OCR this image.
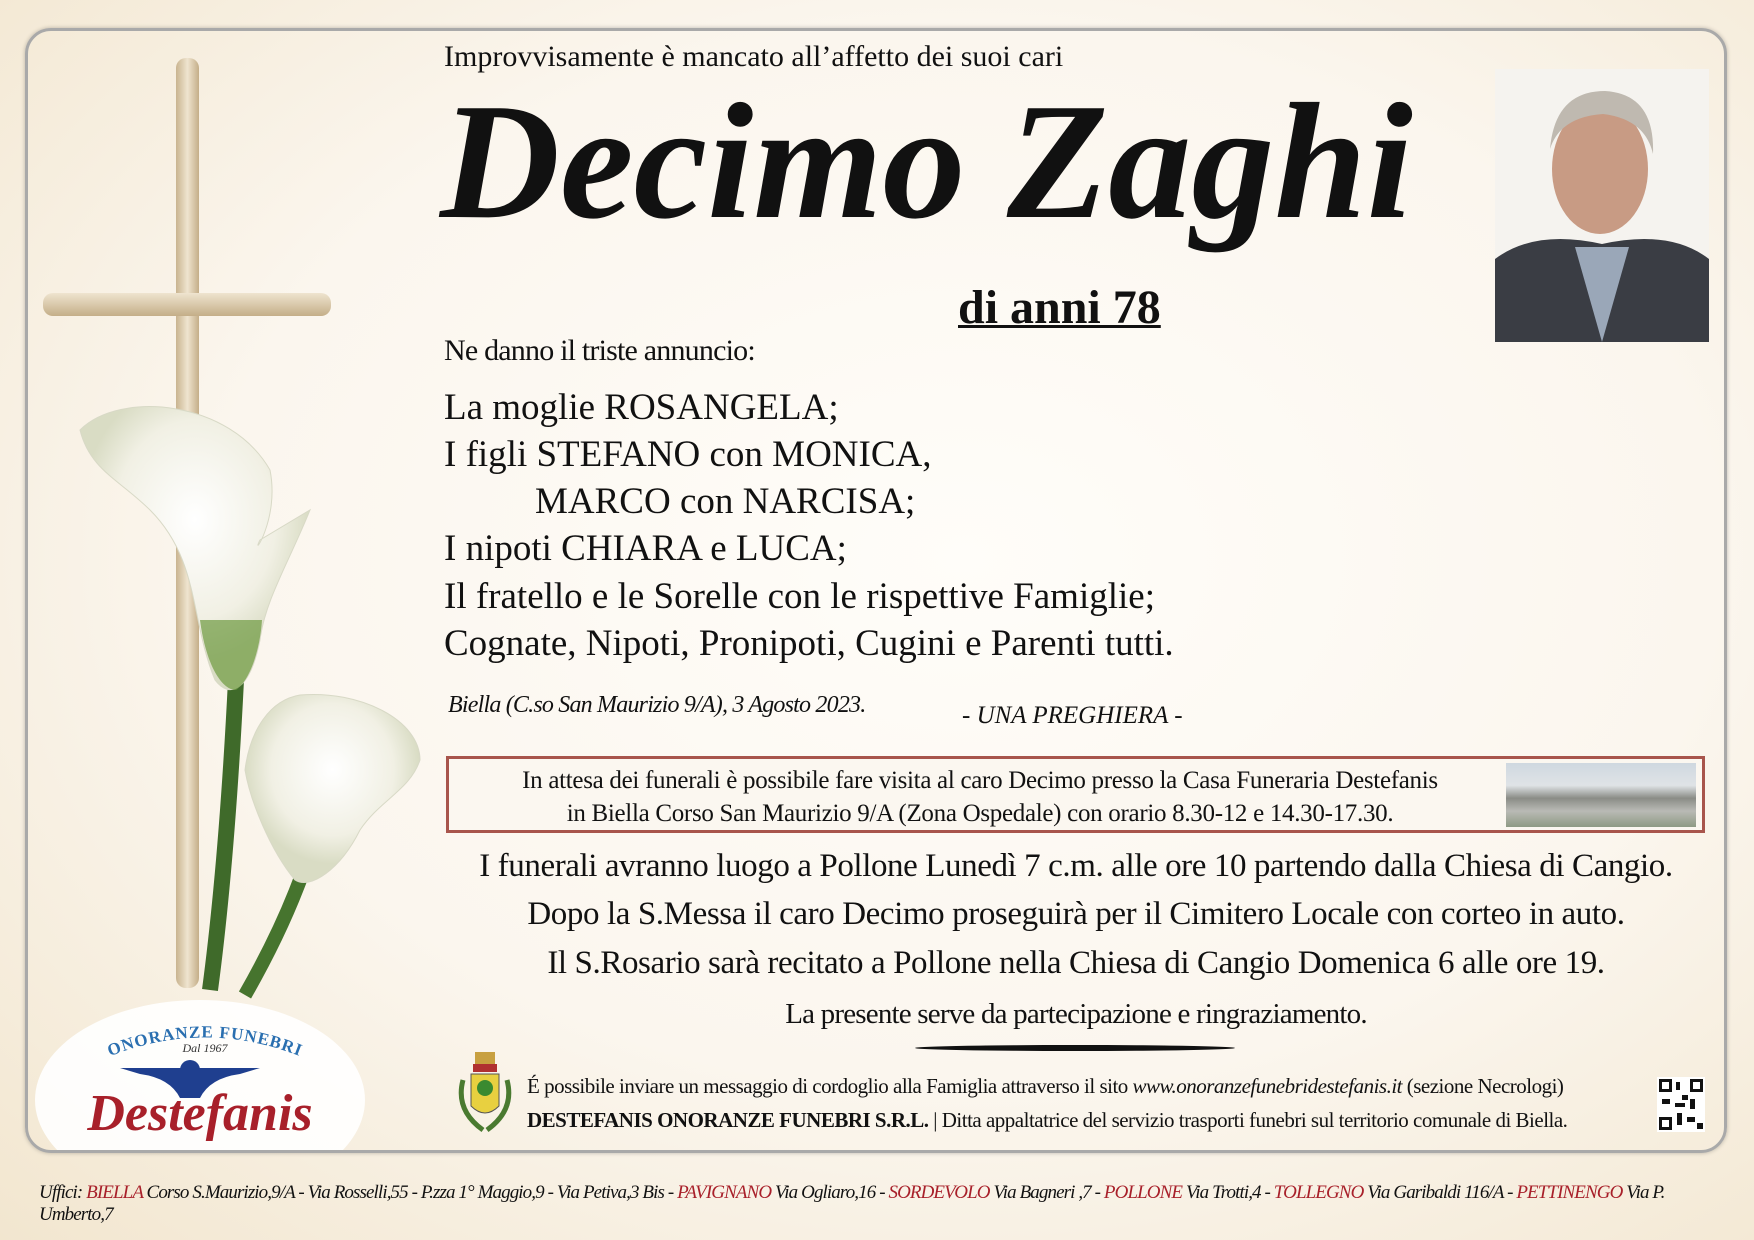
ONORANZE FUNEBRI
Dal 1967
Destefanis
Improvvisamente è mancato all’affetto dei suoi cari
Decimo Zaghi
di anni 78
Ne danno il triste annuncio:
La moglie ROSANGELA;
I figli STEFANO con MONICA,
MARCO con NARCISA;
I nipoti CHIARA e LUCA;
Il fratello e le Sorelle con le rispettive Famiglie;
Cognate, Nipoti, Pronipoti, Cugini e Parenti tutti.
Biella (C.so San Maurizio 9/A), 3 Agosto 2023.	- UNA PREGHIERA -
In attesa dei funerali è possibile fare visita al caro Decimo presso la Casa Funeraria Destefanis
in Biella Corso San Maurizio 9/A (Zona Ospedale) con orario 8.30-12 e 14.30-17.30.
I funerali avranno luogo a Pollone Lunedì 7 c.m. alle ore 10 partendo dalla Chiesa di Cangio.
Dopo la S.Messa il caro Decimo proseguirà per il Cimitero Locale con corteo in auto.
Il S.Rosario sarà recitato a Pollone nella Chiesa di Cangio Domenica 6 alle ore 19.
La presente serve da partecipazione e ringraziamento.
É possibile inviare un messaggio di cordoglio alla Famiglia attraverso il sito www.onoranzefunebridestefanis.it (sezione Necrologi)
DESTEFANIS ONORANZE FUNEBRI S.R.L. | Ditta appaltatrice del servizio trasporti funebri sul territorio comunale di Biella.
Uffici: BIELLA Corso S.Maurizio,9/A - Via Rosselli,55 - P.zza 1° Maggio,9 - Via Petiva,3 Bis - PAVIGNANO Via Ogliaro,16 - SORDEVOLO Via Bagneri ,7 - POLLONE Via Trotti,4 - TOLLEGNO Via Garibaldi 116/A - PETTINENGO Via P. Umberto,7
